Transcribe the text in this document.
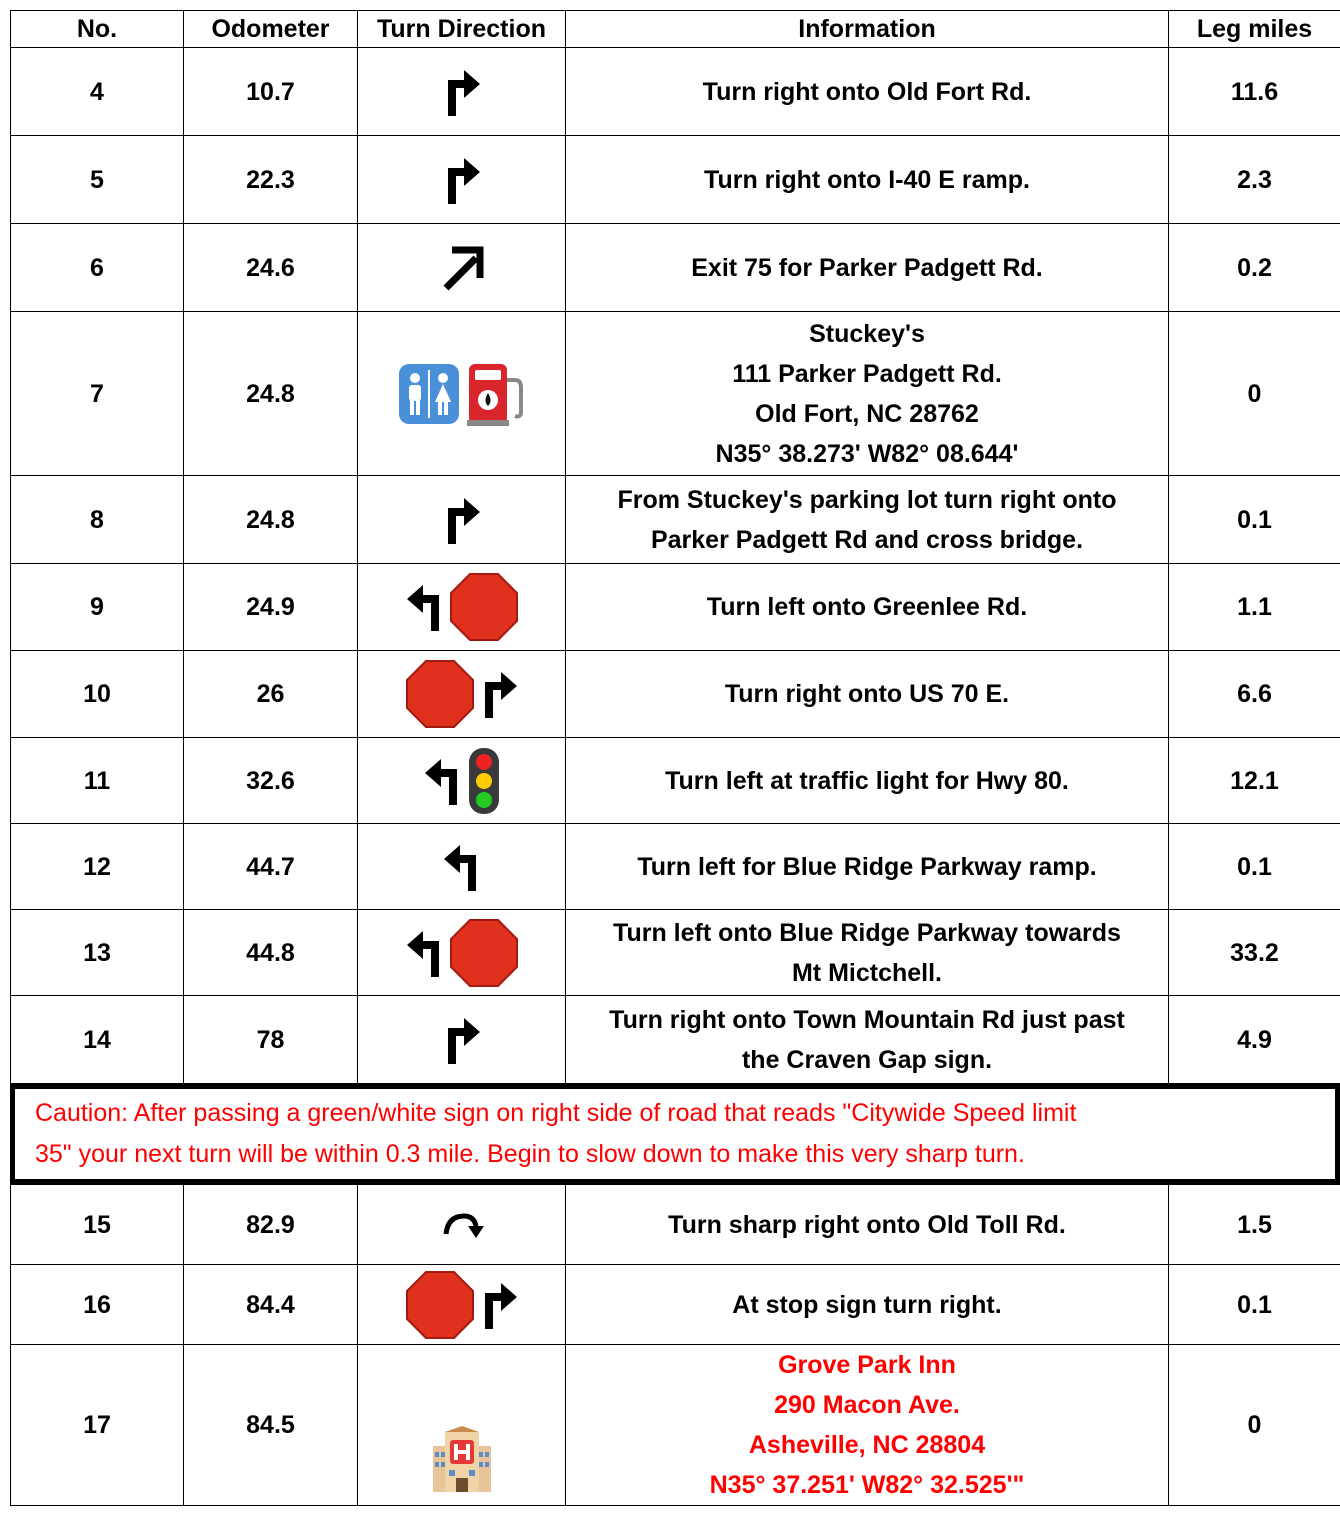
No.	Odometer	Turn Direction	Information	Leg miles
4	10.7		Turn right onto Old Fort Rd.	11.6
5	22.3		Turn right onto I-40 E ramp.	2.3
6	24.6		Exit 75 for Parker Padgett Rd.	0.2
7	24.8		Stuckey's
111 Parker Padgett Rd.
Old Fort, NC 28762
N35° 38.273' W82° 08.644'	0
8	24.8		From Stuckey's parking lot turn right onto
Parker Padgett Rd and cross bridge.	0.1
9	24.9		Turn left onto Greenlee Rd.	1.1
10	26		Turn right onto US 70 E.	6.6
11	32.6		Turn left at traffic light for Hwy 80.	12.1
12	44.7		Turn left for Blue Ridge Parkway ramp.	0.1
13	44.8		Turn left onto Blue Ridge Parkway towards
Mt Mictchell.	33.2
14	78		Turn right onto Town Mountain Rd just past
the Craven Gap sign.	4.9
Caution: After passing a green/white sign on right side of road that reads "Citywide Speed limit
35" your next turn will be within 0.3 mile. Begin to slow down to make this very sharp turn.
15	82.9		Turn sharp right onto Old Toll Rd.	1.5
16	84.4		At stop sign turn right.	0.1
17	84.5		Grove Park Inn
290 Macon Ave.
Asheville, NC 28804
N35° 37.251' W82° 32.525'"	0
